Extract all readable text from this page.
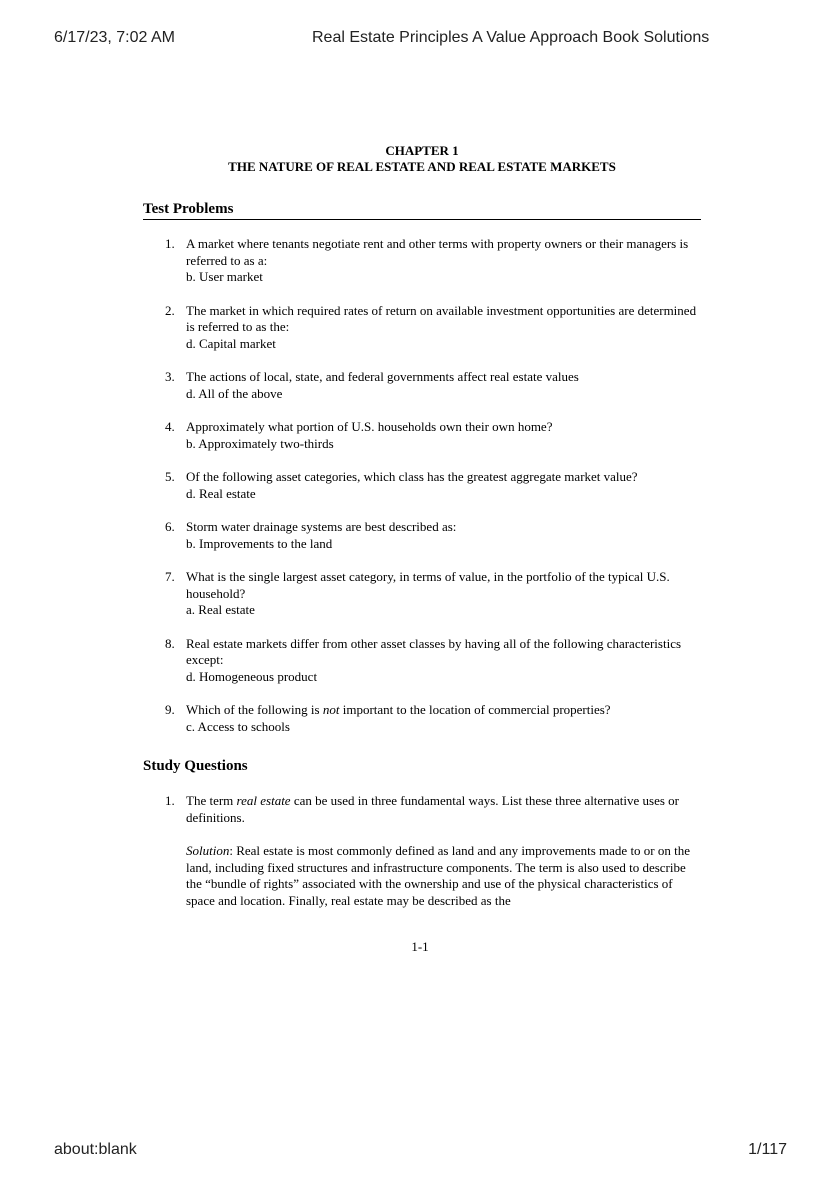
6/17/23, 7:02 AM	Real Estate Principles A Value Approach Book Solutions
CHAPTER 1
THE NATURE OF REAL ESTATE AND REAL ESTATE MARKETS
Test Problems
1. A market where tenants negotiate rent and other terms with property owners or their managers is referred to as a:
b. User market
2. The market in which required rates of return on available investment opportunities are determined is referred to as the:
d. Capital market
3. The actions of local, state, and federal governments affect real estate values
d. All of the above
4. Approximately what portion of U.S. households own their own home?
b. Approximately two-thirds
5. Of the following asset categories, which class has the greatest aggregate market value?
d. Real estate
6. Storm water drainage systems are best described as:
b. Improvements to the land
7. What is the single largest asset category, in terms of value, in the portfolio of the typical U.S. household?
a. Real estate
8. Real estate markets differ from other asset classes by having all of the following characteristics except:
d. Homogeneous product
9. Which of the following is not important to the location of commercial properties?
c. Access to schools
Study Questions
1. The term real estate can be used in three fundamental ways. List these three alternative uses or definitions.
Solution: Real estate is most commonly defined as land and any improvements made to or on the land, including fixed structures and infrastructure components. The term is also used to describe the “bundle of rights” associated with the ownership and use of the physical characteristics of space and location. Finally, real estate may be described as the
1-1
about:blank	1/117
